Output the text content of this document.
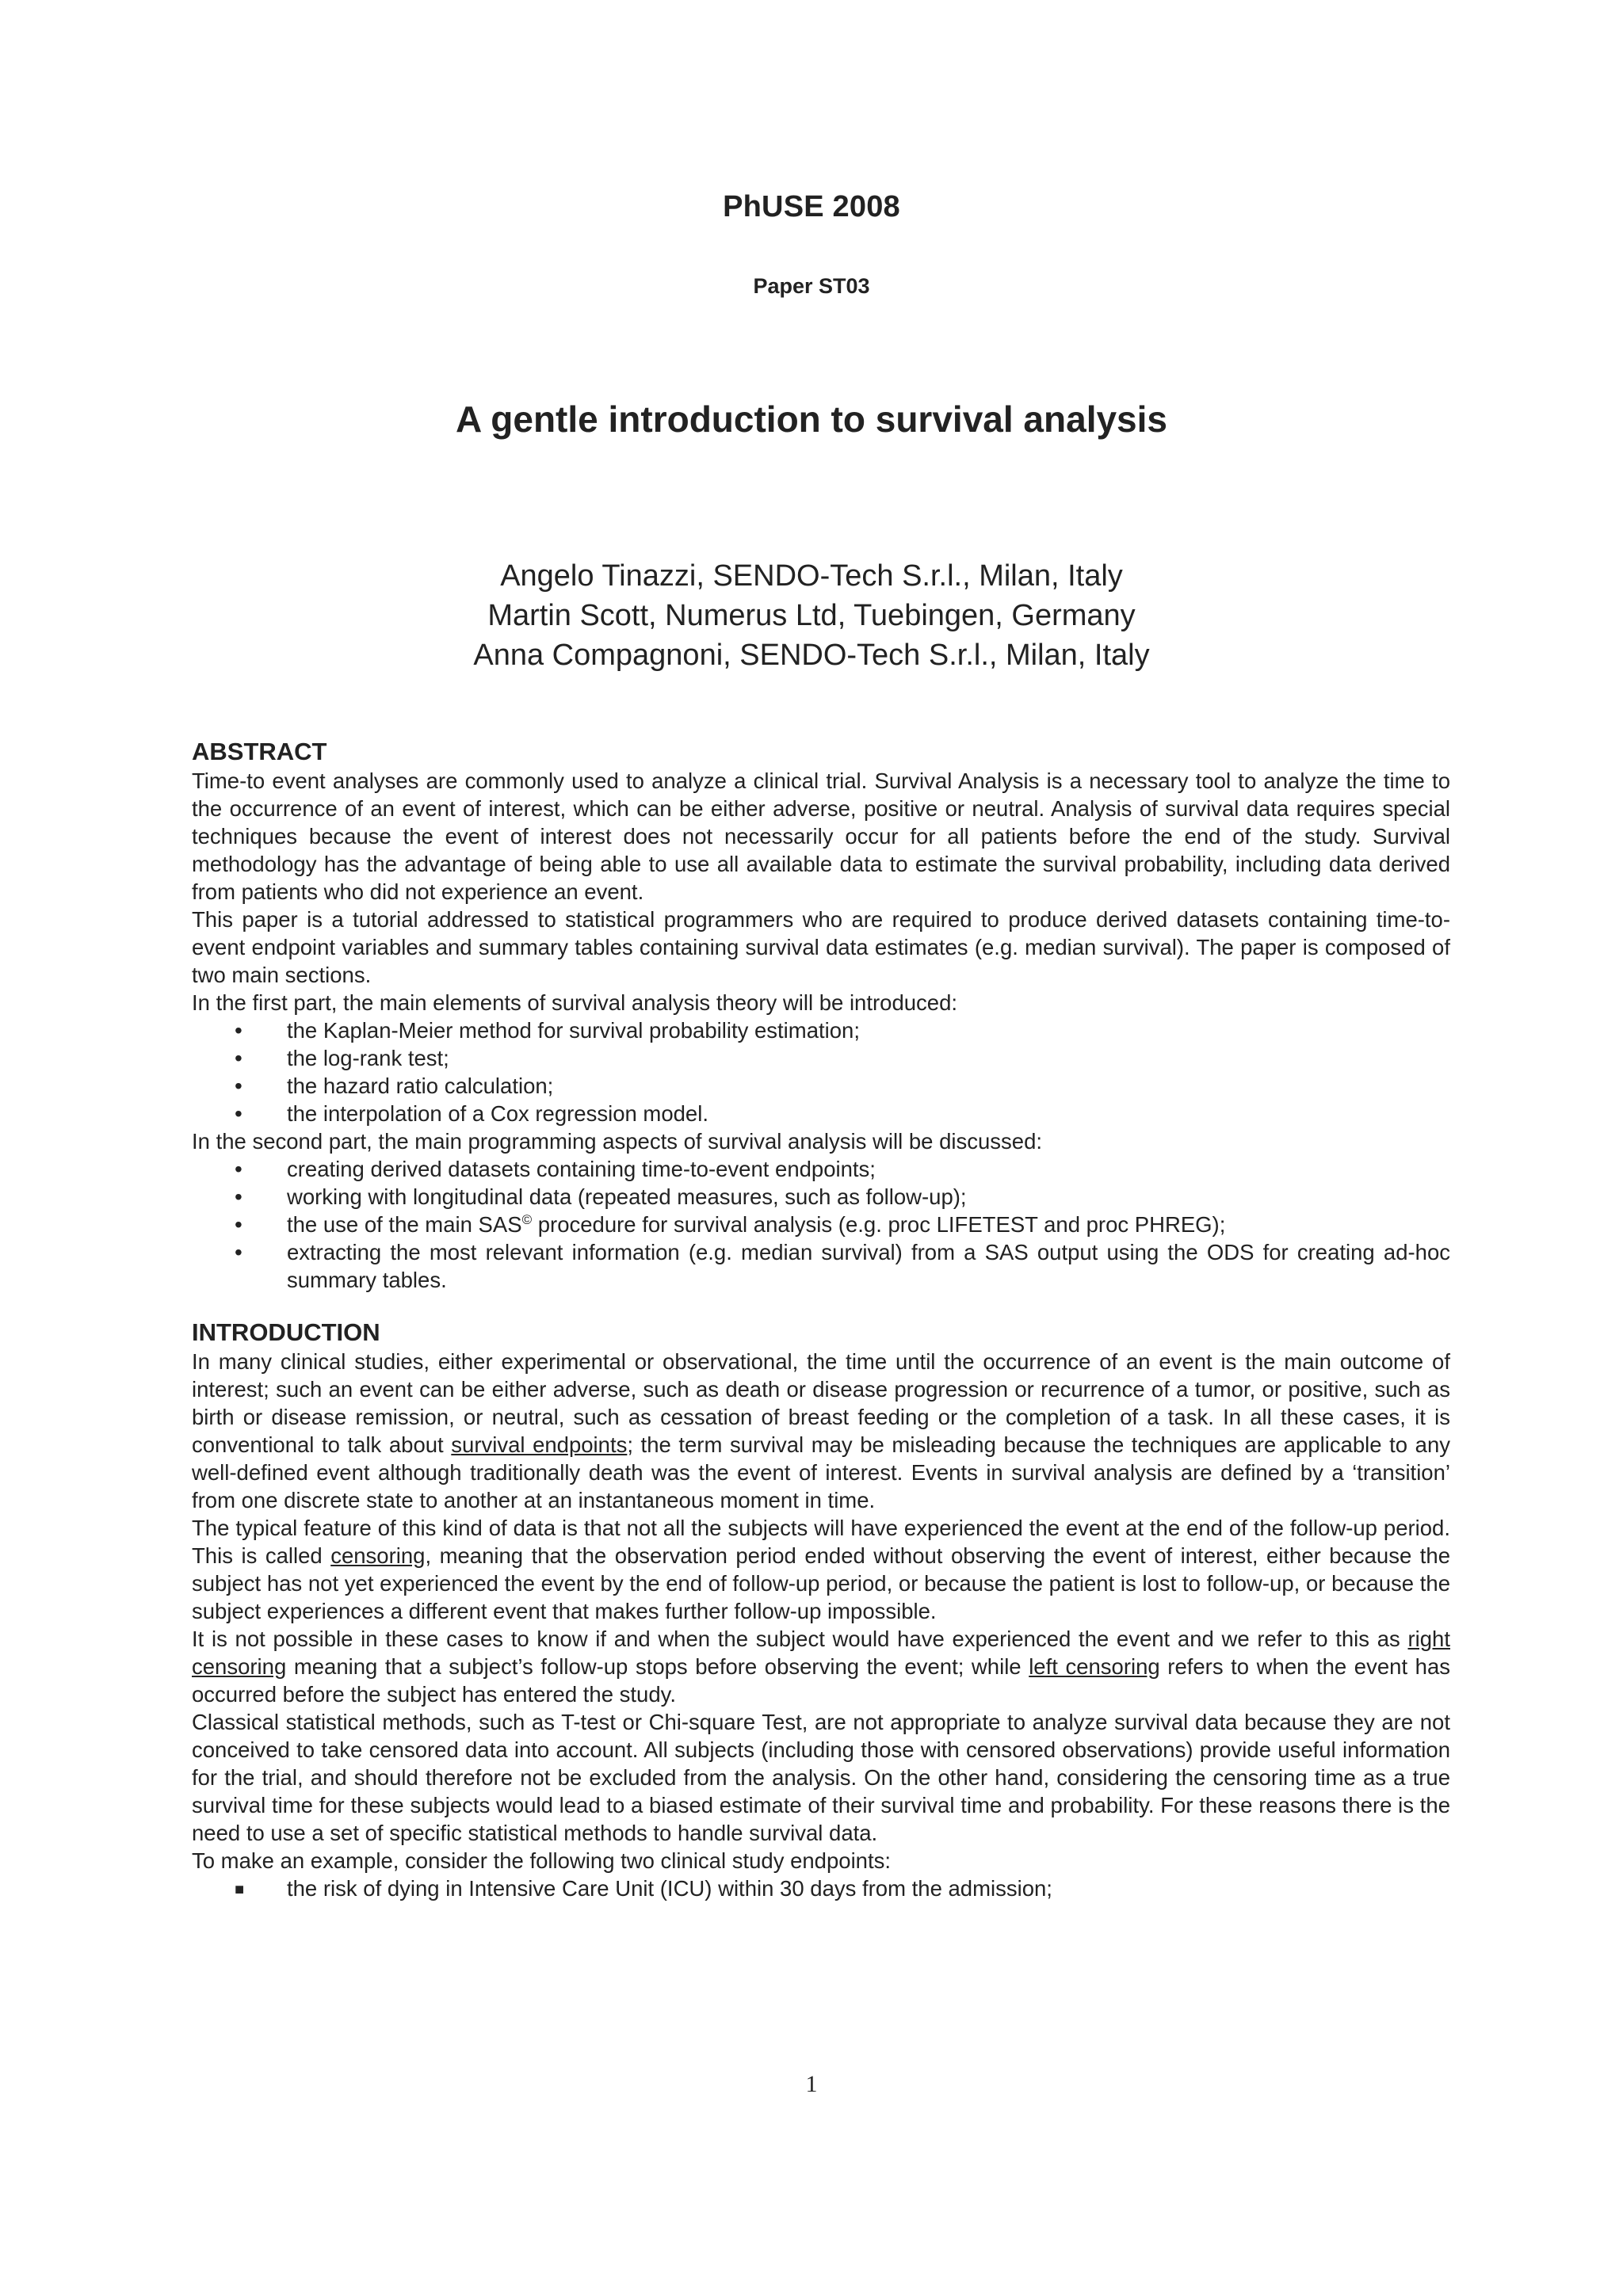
PhUSE 2008
Paper ST03
A gentle introduction to survival analysis
Angelo Tinazzi, SENDO-Tech S.r.l., Milan, Italy
Martin Scott, Numerus Ltd, Tuebingen, Germany
Anna Compagnoni, SENDO-Tech S.r.l., Milan, Italy
ABSTRACT

Time-to event analyses are commonly used to analyze a clinical trial. Survival Analysis is a necessary tool to analyze the time to the occurrence of an event of interest, which can be either adverse, positive or neutral. Analysis of survival data requires special techniques because the event of interest does not necessarily occur for all patients before the end of the study. Survival methodology has the advantage of being able to use all available data to estimate the survival probability, including data derived from patients who did not experience an event.

This paper is a tutorial addressed to statistical programmers who are required to produce derived datasets containing time-to-event endpoint variables and summary tables containing survival data estimates (e.g. median survival). The paper is composed of two main sections.

In the first part, the main elements of survival analysis theory will be introduced:

• the Kaplan-Meier method for survival probability estimation;
• the log-rank test;
• the hazard ratio calculation;
• the interpolation of a Cox regression model.

In the second part, the main programming aspects of survival analysis will be discussed:

• creating derived datasets containing time-to-event endpoints;
• working with longitudinal data (repeated measures, such as follow-up);
• the use of the main SAS© procedure for survival analysis (e.g. proc LIFETEST and proc PHREG);
• extracting the most relevant information (e.g. median survival) from a SAS output using the ODS for creating ad-hoc summary tables.
INTRODUCTION

In many clinical studies, either experimental or observational, the time until the occurrence of an event is the main outcome of interest; such an event can be either adverse, such as death or disease progression or recurrence of a tumor, or positive, such as birth or disease remission, or neutral, such as cessation of breast feeding or the completion of a task. In all these cases, it is conventional to talk about survival endpoints; the term survival may be misleading because the techniques are applicable to any well-defined event although traditionally death was the event of interest. Events in survival analysis are defined by a ‘transition’ from one discrete state to another at an instantaneous moment in time.

The typical feature of this kind of data is that not all the subjects will have experienced the event at the end of the follow-up period. This is called censoring, meaning that the observation period ended without observing the event of interest, either because the subject has not yet experienced the event by the end of follow-up period, or because the patient is lost to follow-up, or because the subject experiences a different event that makes further follow-up impossible.

It is not possible in these cases to know if and when the subject would have experienced the event and we refer to this as right censoring meaning that a subject’s follow-up stops before observing the event; while left censoring refers to when the event has occurred before the subject has entered the study.

Classical statistical methods, such as T-test or Chi-square Test, are not appropriate to analyze survival data because they are not conceived to take censored data into account. All subjects (including those with censored observations) provide useful information for the trial, and should therefore not be excluded from the analysis. On the other hand, considering the censoring time as a true survival time for these subjects would lead to a biased estimate of their survival time and probability. For these reasons there is the need to use a set of specific statistical methods to handle survival data.

To make an example, consider the following two clinical study endpoints:

■ the risk of dying in Intensive Care Unit (ICU) within 30 days from the admission;
1
